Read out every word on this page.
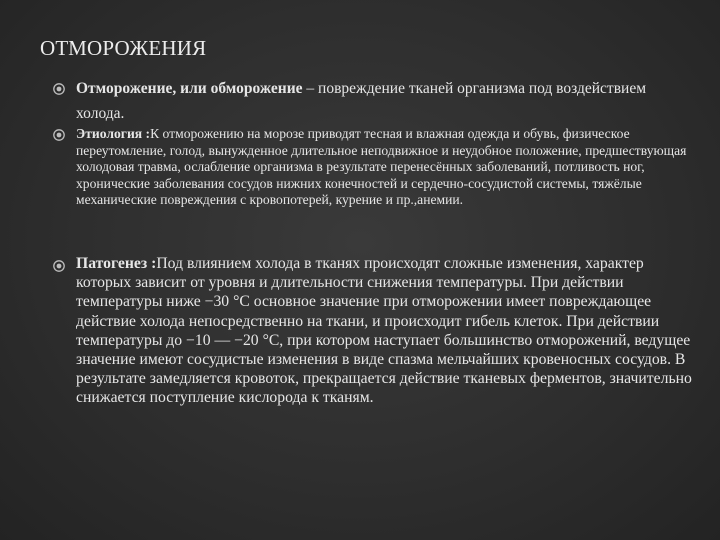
ОТМОРОЖЕНИЯ
Отморожение, или обморожение – повреждение тканей организма под воздействием холода.
Этиология :К отморожению на морозе приводят тесная и влажная одежда и обувь, физическое переутомление, голод, вынужденное длительное неподвижное и неудобное положение, предшествующая холодовая травма, ослабление организма в результате перенесённых заболеваний, потливость ног, хронические заболевания сосудов нижних конечностей и сердечно-сосудистой системы, тяжёлые механические повреждения с кровопотерей, курение и пр.,анемии.
Патогенез :Под влиянием холода в тканях происходят сложные изменения, характер которых зависит от уровня и длительности снижения температуры. При действии температуры ниже −30 °C основное значение при отморожении имеет повреждающее действие холода непосредственно на ткани, и происходит гибель клеток. При действии температуры до −10 — −20 °C, при котором наступает большинство отморожений, ведущее значение имеют сосудистые изменения в виде спазма мельчайших кровеносных сосудов. В результате замедляется кровоток, прекращается действие тканевых ферментов, значительно снижается поступление кислорода к тканям.
